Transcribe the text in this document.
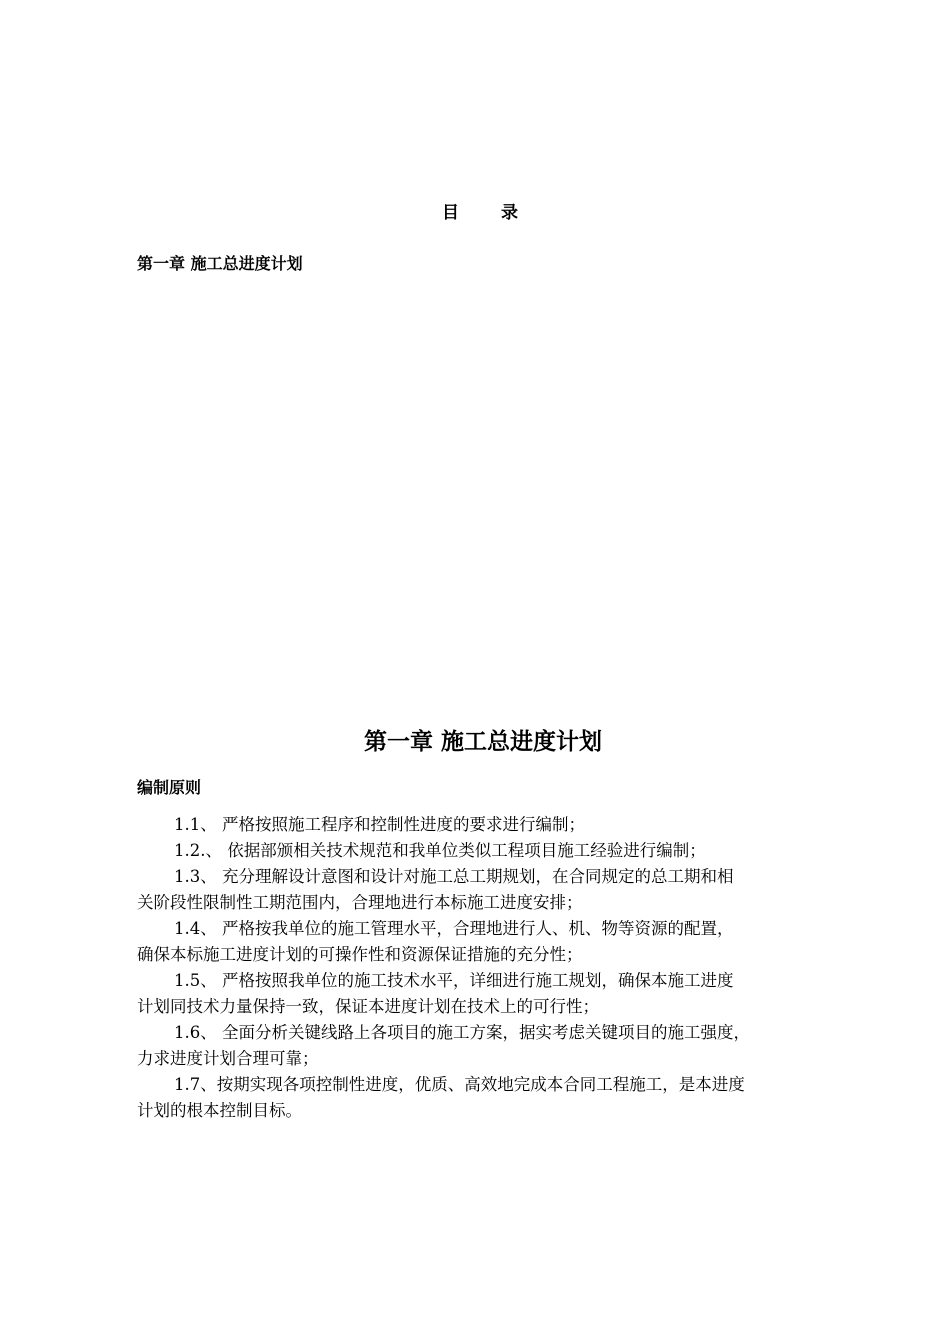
目 录
第一章 施工总进度计划
第一章 施工总进度计划
编制原则
1.1、 严格按照施工程序和控制性进度的要求进行编制；
1.2.、 依据部颁相关技术规范和我单位类似工程项目施工经验进行编制；
1.3、 充分理解设计意图和设计对施工总工期规划，在合同规定的总工期和相
关阶段性限制性工期范围内，合理地进行本标施工进度安排；
1.4、 严格按我单位的施工管理水平，合理地进行人、机、物等资源的配置，
确保本标施工进度计划的可操作性和资源保证措施的充分性；
1.5、 严格按照我单位的施工技术水平，详细进行施工规划，确保本施工进度
计划同技术力量保持一致，保证本进度计划在技术上的可行性；
1.6、 全面分析关键线路上各项目的施工方案，据实考虑关键项目的施工强度，
力求进度计划合理可靠；
1.7、按期实现各项控制性进度，优质、高效地完成本合同工程施工，是本进度
计划的根本控制目标。
